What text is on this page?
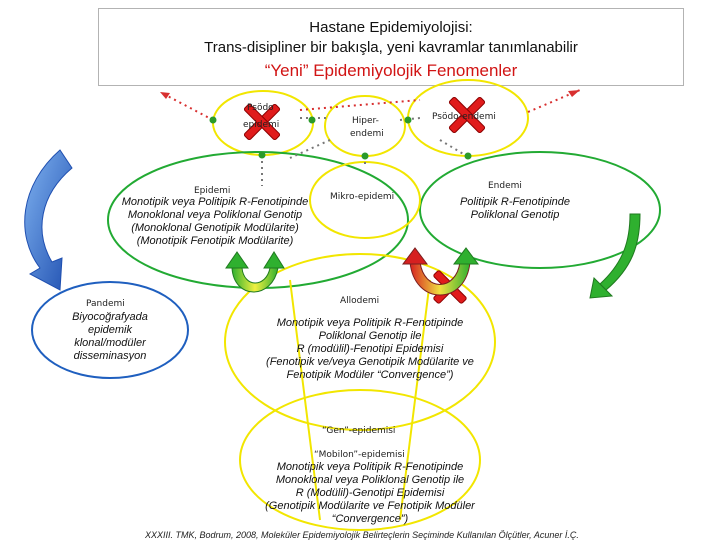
Hastane Epidemiyolojisi:
Trans-disipliner bir bakışla, yeni kavramlar tanımlanabilir
“Yeni” Epidemiyolojik Fenomenler
Psödo
epidemi	Hiper-
endemi
Psödo-endemi
Epidemi
Mikro-epidemi
Endemi
Pandemi	Allodemi
“Gen”-epidemisi
“Mobilon”-epidemisi
Monotipik veya Politipik R-Fenotipinde
Monoklonal veya Poliklonal Genotip
(Monoklonal Genotipik Modülarite)
(Monotipik Fenotipik Modülarite)
Politipik R-Fenotipinde
Poliklonal Genotip
Biyocoğrafyada
epidemik
klonal/modüler
disseminasyon
Monotipik veya Politipik R-Fenotipinde
Poliklonal Genotip ile
R (modülil)-Fenotipi Epidemisi
(Fenotipik ve/veya Genotipik Modülarite ve
Fenotipik Modüler “Convergence”)
Monotipik veya Politipik R-Fenotipinde
Monoklonal veya Poliklonal Genotip ile
R (Modülil)-Genotipi Epidemisi
(Genotipik Modülarite ve Fenotipik Modüler
“Convergence”)
XXXIII. TMK, Bodrum, 2008, Moleküler Epidemiyolojik Belirteçlerin Seçiminde Kullanılan Ölçütler, Acuner İ.Ç.
